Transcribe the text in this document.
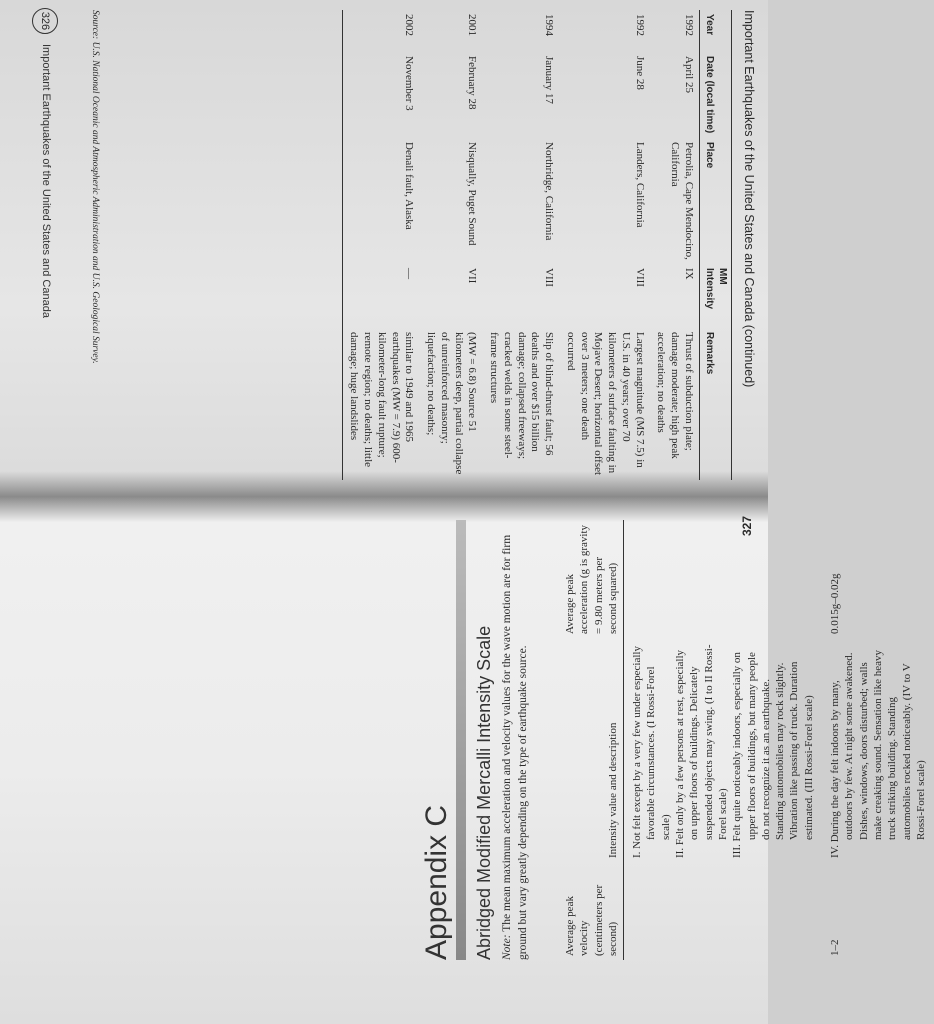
Important Earthquakes of the United States and Canada (continued)
Year	Date (local time)	Place	MM Intensity	Remarks
1992	April 25	Petrolia, Cape Mendocino, California	IX	Thrust of subduction plate; damage moderate; high peak acceleration; no deaths
1992	June 28	Landers, California	VIII	Largest magnitude (MS 7.5) in U.S. in 40 years; over 70 kilometers of surface faulting in Mojave Desert; horizontal offset over 3 meters; one death occurred
1994	January 17	Northridge, California	VIII	Slip of blind-thrust fault; 56 deaths and over $15 billion damage; collapsed freeways; cracked welds in some steel-frame structures
2001	February 28	Nisqually, Puget Sound	VII	(MW = 6.8) Source 51 kilometers deep, partial collapse of unreinforced masonry; liquefaction; no deaths;
2002	November 3	Denali fault, Alaska	—	similar to 1949 and 1965 earthquakes (MW = 7.9) 600-kilometer-long fault rupture; remote region; no deaths; little damage; huge landslides
Source: U.S. National Oceanic and Atmospheric Administration and U.S. Geological Survey.
326
Important Earthquakes of the United States and Canada
Appendix C Abridged Modified Mercalli Intensity Scale Note: The mean maximum acceleration and velocity values for the wave motion are for firm ground but vary greatly depending on the type of earthquake source.	Average peak velocity (centimeters per second)	Intensity value and description	Average peak acceleration (g is gravity = 9.80 meters per second squared)

	I. Not felt except by a very few under especially favorable circumstances. (I Rossi-Forel scale) II. Felt only by a few persons at rest, especially on upper floors of buildings. Delicately suspended objects may swing. (I to II Rossi-Forel scale) III. Felt quite noticeably indoors, especially on upper floors of buildings, but many people do not recognize it as an earthquake. Standing automobiles may rock slightly. Vibration like passing of truck. Duration estimated. (III Rossi-Forel scale)	

1–2	IV. During the day felt indoors by many, outdoors by few. At night some awakened. Dishes, windows, doors disturbed; walls make creaking sound. Sensation like heavy truck striking building. Standing automobiles rocked noticeably. (IV to V Rossi-Forel scale)	0.015g–0.02g
327
